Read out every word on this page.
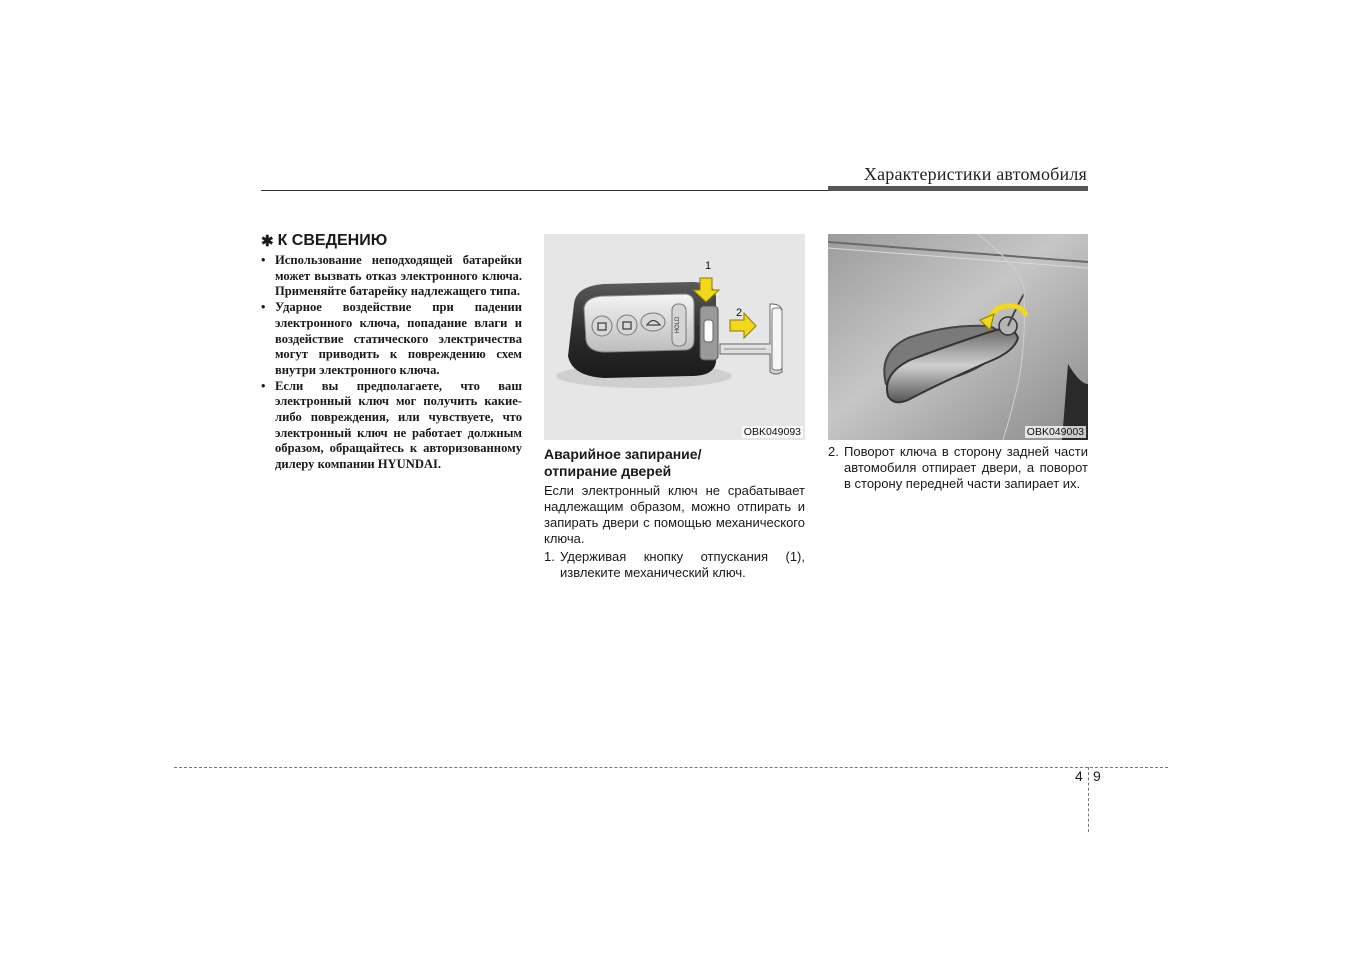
Характеристики автомобиля
✱ К СВЕДЕНИЮ
• Использование неподходящей батарейки может вызвать отказ электронного ключа. Применяйте батарейку надлежащего типа.
• Ударное воздействие при падении электронного ключа, попадание влаги и воздействие статического электричества могут приводить к повреждению схем внутри электронного ключа.
• Если вы предполагаете, что ваш электронный ключ мог получить какие-либо повреждения, или чувствуете, что электронный ключ не работает должным образом, обращайтесь к авторизованному дилеру компании HYUNDAI.
HOLD
1
2
OBK049093	OBK049003
Аварийное запирание/
отпирание дверей

Если электронный ключ не срабатывает надлежащим образом, можно отпирать и запирать двери с помощью механического ключа.

1. Удерживая кнопку отпускания (1), извлеките механический ключ.
2. Поворот ключа в сторону задней части автомобиля отпирает двери, а поворот в сторону передней части запирает их.
4 9
